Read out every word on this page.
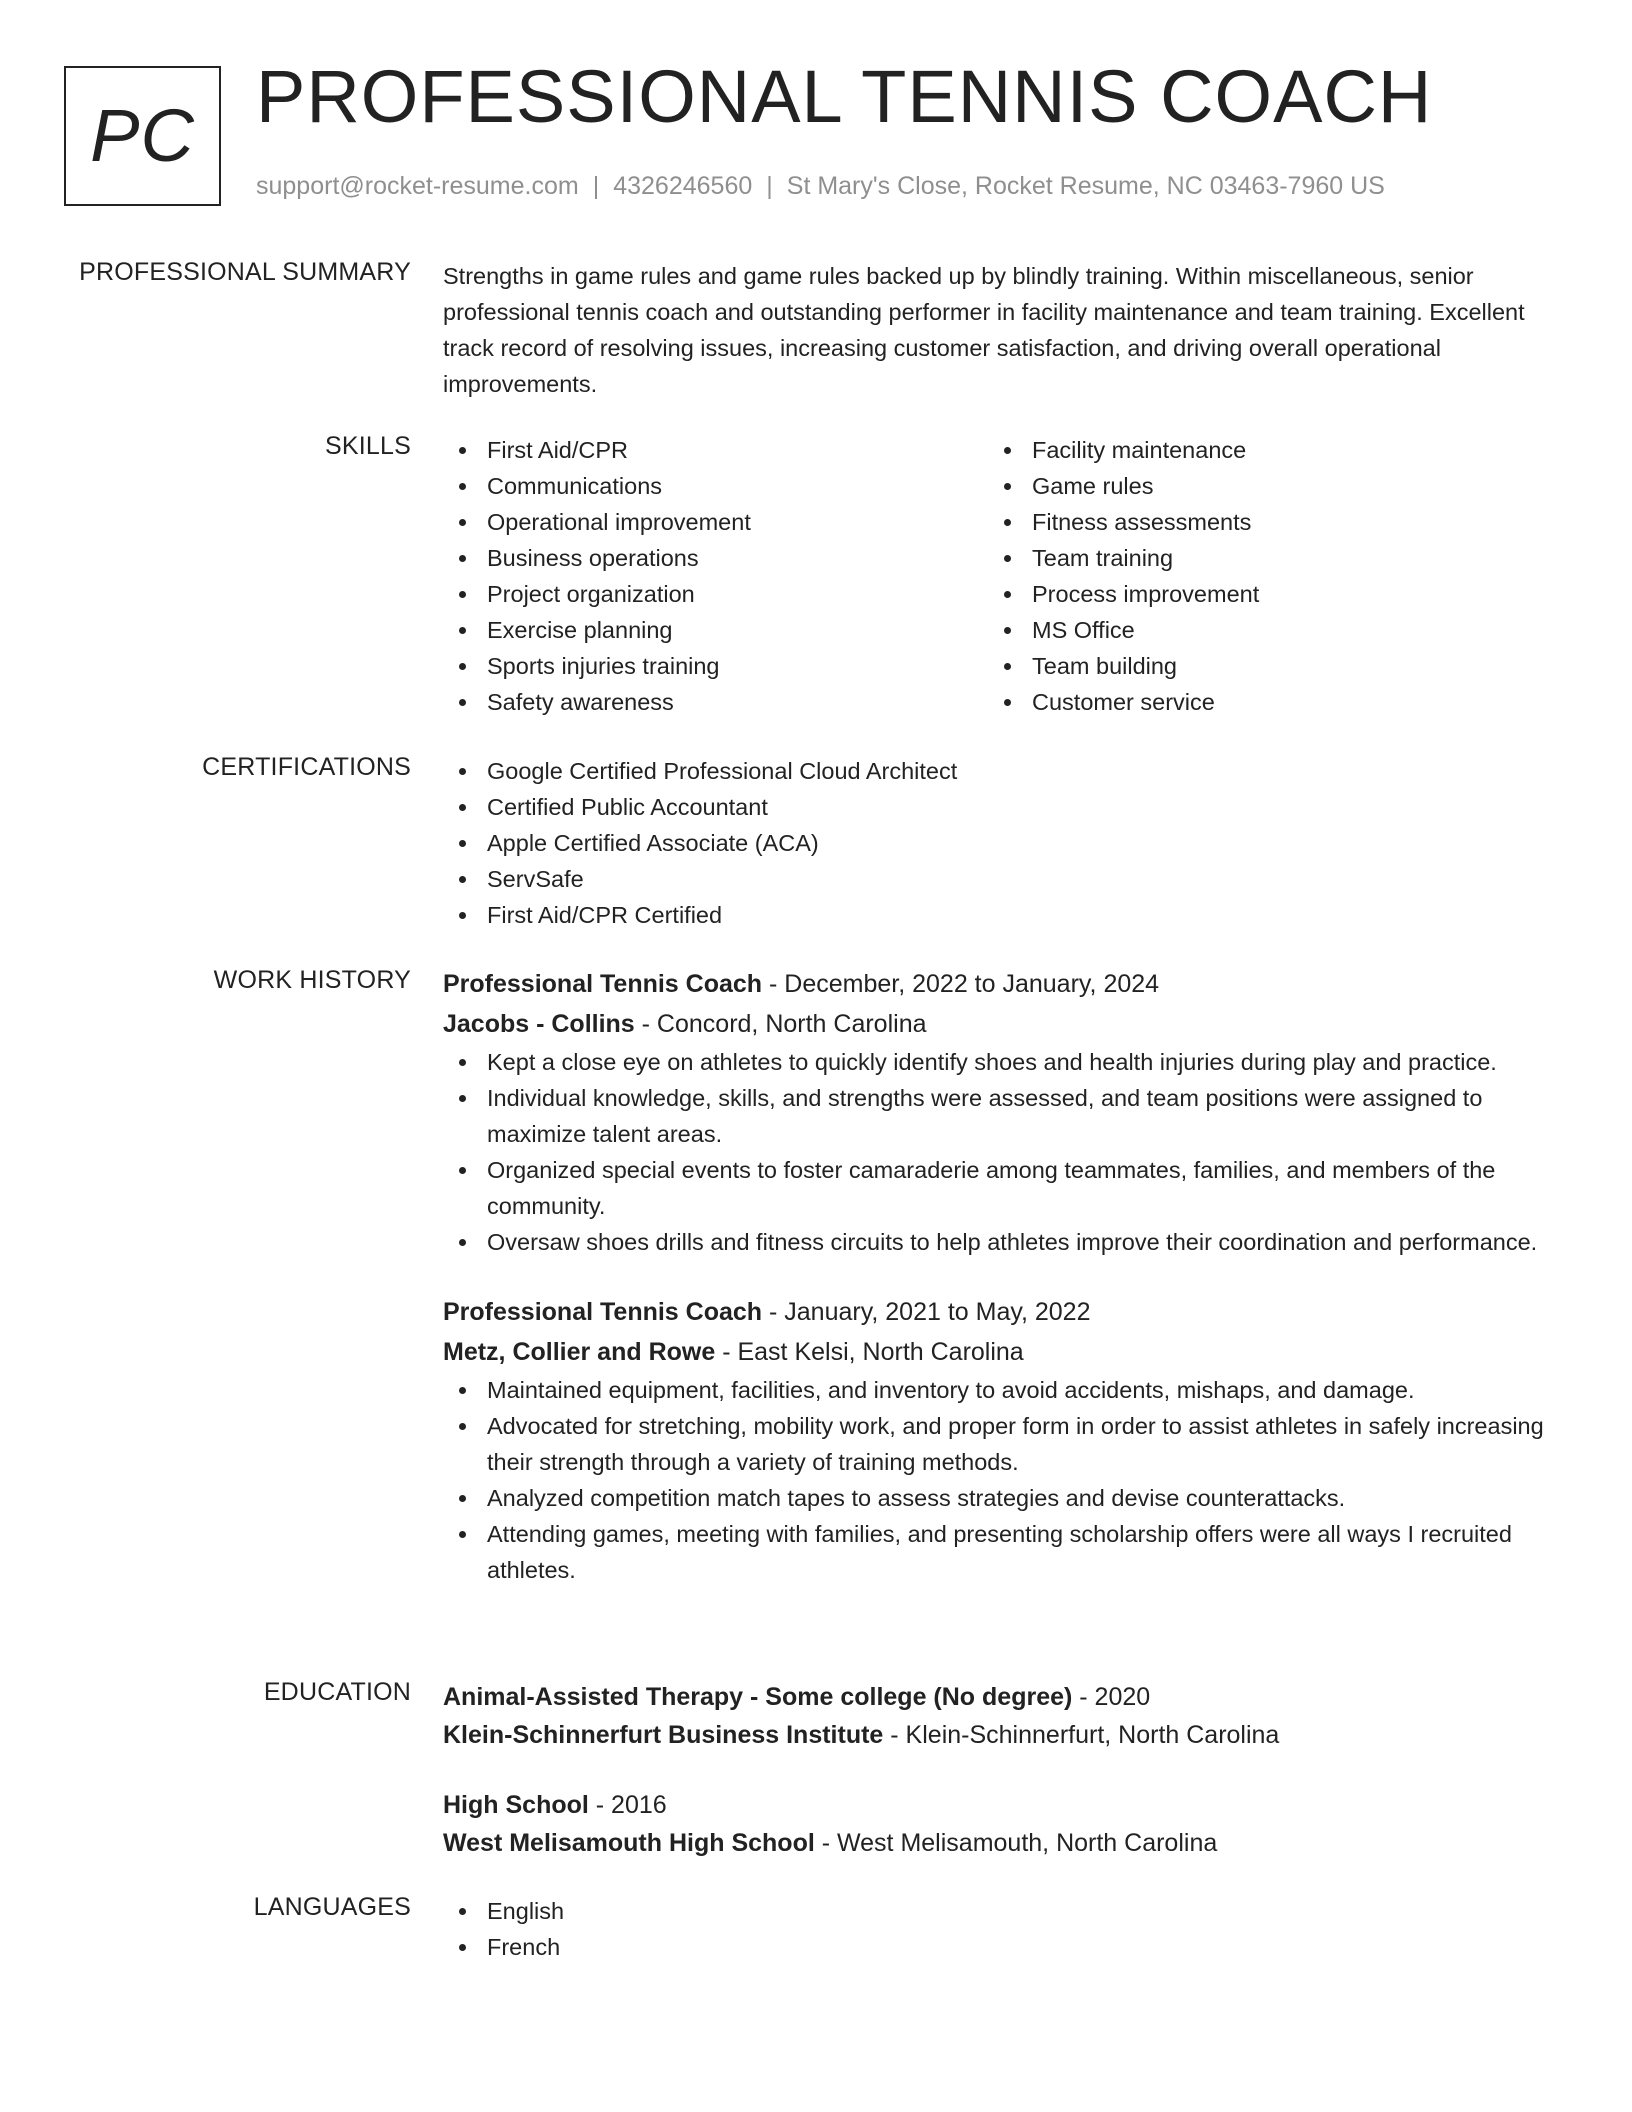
PC PROFESSIONAL TENNIS COACH
support@rocket-resume.com | 4326246560 | St Mary's Close, Rocket Resume, NC 03463-7960 US
PROFESSIONAL SUMMARY Strengths in game rules and game rules backed up by blindly training. Within miscellaneous, senior professional tennis coach and outstanding performer in facility maintenance and team training. Excellent track record of resolving issues, increasing customer satisfaction, and driving overall operational improvements.

SKILLS	First Aid/CPR
Communications
Operational improvement
Business operations
Project organization
Exercise planning
Sports injuries training
Safety awareness
Facility maintenance
Game rules
Fitness assessments
Team training
Process improvement
MS Office
Team building
Customer service
CERTIFICATIONS	Google Certified Professional Cloud Architect
Certified Public Accountant
Apple Certified Associate (ACA)
ServSafe
First Aid/CPR Certified
WORK HISTORY Professional Tennis Coach - December, 2022 to January, 2024
Jacobs - Collins - Concord, North Carolina
Kept a close eye on athletes to quickly identify shoes and health injuries during play and practice.
Individual knowledge, skills, and strengths were assessed, and team positions were assigned to maximize talent areas.
Organized special events to foster camaraderie among teammates, families, and members of the community.
Oversaw shoes drills and fitness circuits to help athletes improve their coordination and performance.
Professional Tennis Coach - January, 2021 to May, 2022
Metz, Collier and Rowe - East Kelsi, North Carolina
Maintained equipment, facilities, and inventory to avoid accidents, mishaps, and damage.
Advocated for stretching, mobility work, and proper form in order to assist athletes in safely increasing their strength through a variety of training methods.
Analyzed competition match tapes to assess strategies and devise counterattacks.
Attending games, meeting with families, and presenting scholarship offers were all ways I recruited athletes.
EDUCATION Animal-Assisted Therapy - Some college (No degree) - 2020
Klein-Schinnerfurt Business Institute - Klein-Schinnerfurt, North Carolina
High School - 2016
West Melisamouth High School - West Melisamouth, North Carolina
LANGUAGES	English
French
